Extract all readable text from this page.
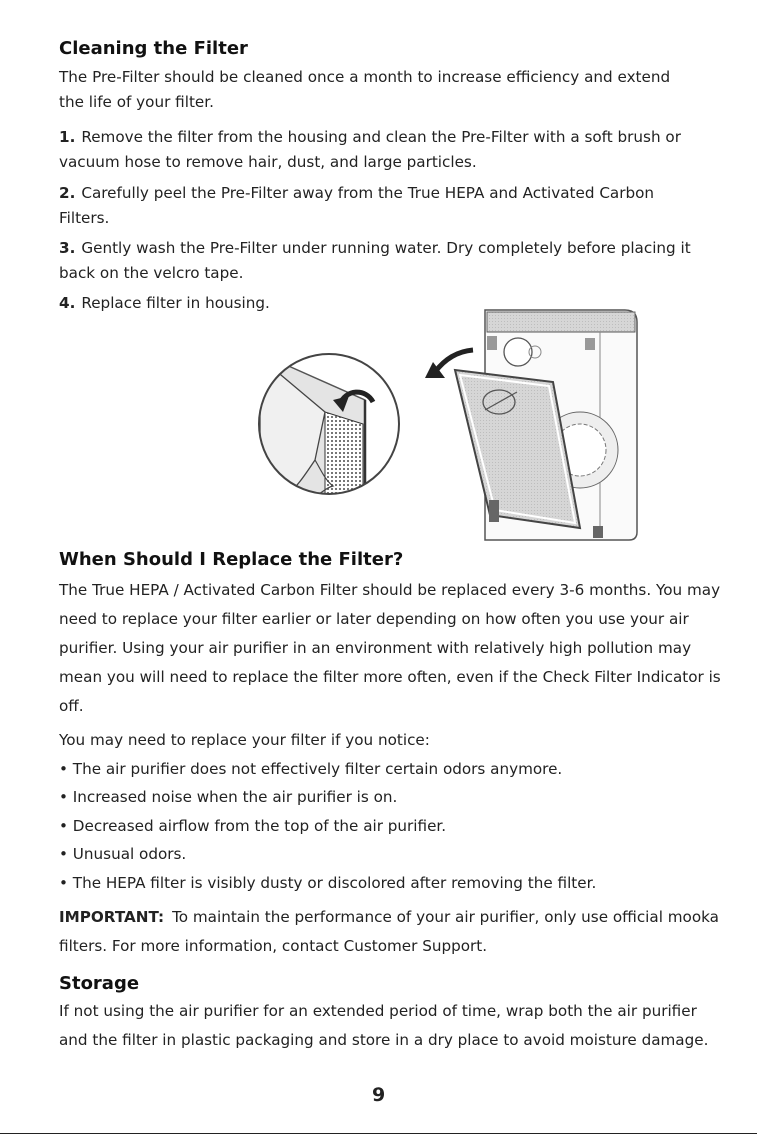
Cleaning the Filter

The Pre-Filter should be cleaned once a month to increase efficiency and extend the life of your filter.

1. Remove the filter from the housing and clean the Pre-Filter with a soft brush or vacuum hose to remove hair, dust, and large particles.

2. Carefully peel the Pre-Filter away from the True HEPA and Activated Carbon Filters.

3. Gently wash the Pre-Filter under running water. Dry completely before placing it back on the velcro tape.

4. Replace filter in housing.

When Should I Replace the Filter?

The True HEPA / Activated Carbon Filter should be replaced every 3-6 months. You may need to replace your filter earlier or later depending on how often you use your air purifier. Using your air purifier in an environment with relatively high pollution may mean you will need to replace the filter more often, even if the Check Filter Indicator is off.

You may need to replace your filter if you notice:

• The air purifier does not effectively filter certain odors anymore.

• Increased noise when the air purifier is on.

• Decreased airflow from the top of the air purifier.

• Unusual odors.

• The HEPA filter is visibly dusty or discolored after removing the filter.

IMPORTANT: To maintain the performance of your air purifier, only use official mooka filters. For more information, contact Customer Support.

Storage

If not using the air purifier for an extended period of time, wrap both the air purifier and the filter in plastic packaging and store in a dry place to avoid moisture damage.

9
